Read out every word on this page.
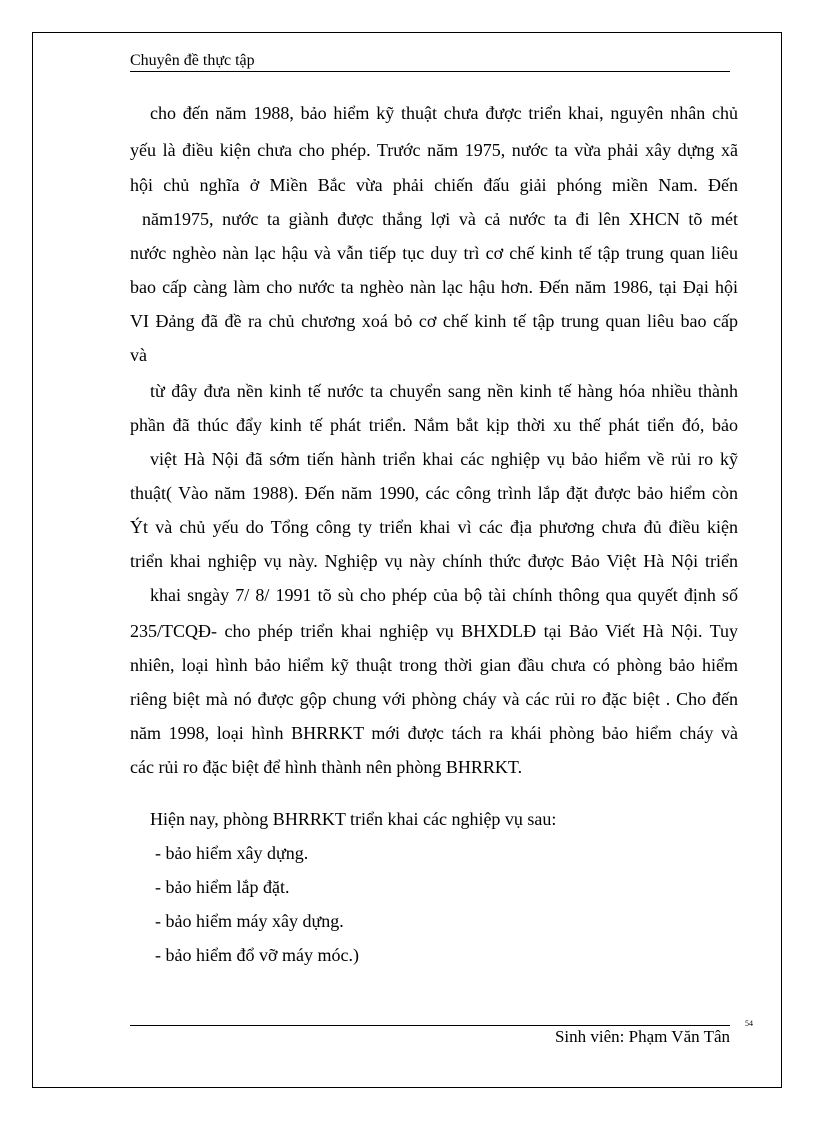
Chuyên đề thực tập
cho đến năm 1988, bảo hiểm kỹ thuật chưa được triển khai, nguyên nhân chủ
yếu là điều kiện chưa cho phép. Trước năm 1975, nước ta vừa phải xây dựng xã
hội chủ nghĩa ở Miền Bắc vừa phải chiến đấu giải phóng miền Nam. Đến
năm1975, nước ta giành được thắng lợi và cả nước ta đi lên XHCN tõ mét
nước nghèo nàn lạc hậu và vẫn tiếp tục duy trì cơ chế kinh tế tập trung quan liêu
bao cấp càng làm cho nước ta nghèo nàn lạc hậu hơn. Đến năm 1986, tại Đại hội
VI Đảng đã đề ra chủ chương xoá bỏ cơ chế kinh tế tập trung quan liêu bao cấp
và
từ đây đưa nền kinh tế nước ta chuyển sang nền kinh tế hàng hóa nhiều thành
phần đã thúc đẩy kinh tế phát triển. Nắm bắt kịp thời xu thế phát tiển đó, bảo
việt Hà Nội đã sớm tiến hành triển khai các nghiệp vụ bảo hiểm về rủi ro kỹ
thuật( Vào năm 1988). Đến năm 1990, các công trình lắp đặt được bảo hiểm còn
Ýt và chủ yếu do Tổng công ty triển khai vì các địa phương chưa đủ điều kiện
triển khai nghiệp vụ này. Nghiệp vụ này chính thức được Bảo Việt Hà Nội triển
khai sngày 7/ 8/ 1991 tõ sù cho phép của bộ tài chính thông qua quyết định số
235/TCQĐ- cho phép triển khai nghiệp vụ BHXDLĐ tại Bảo Viết Hà Nội. Tuy
nhiên, loại hình bảo hiểm kỹ thuật trong thời gian đầu chưa có phòng bảo hiểm
riêng biệt mà nó được gộp chung với phòng cháy và các rủi ro đặc biệt . Cho đến
năm 1998, loại hình BHRRKT mới được tách ra khái phòng bảo hiểm cháy và
các rủi ro đặc biệt để hình thành nên phòng BHRRKT.
Hiện nay, phòng BHRRKT triển khai các nghiệp vụ sau:
- bảo hiểm xây dựng.
- bảo hiểm lắp đặt.
- bảo hiểm máy xây dựng.
- bảo hiểm đổ vỡ máy móc.)
Sinh viên: Phạm Văn Tân
54
